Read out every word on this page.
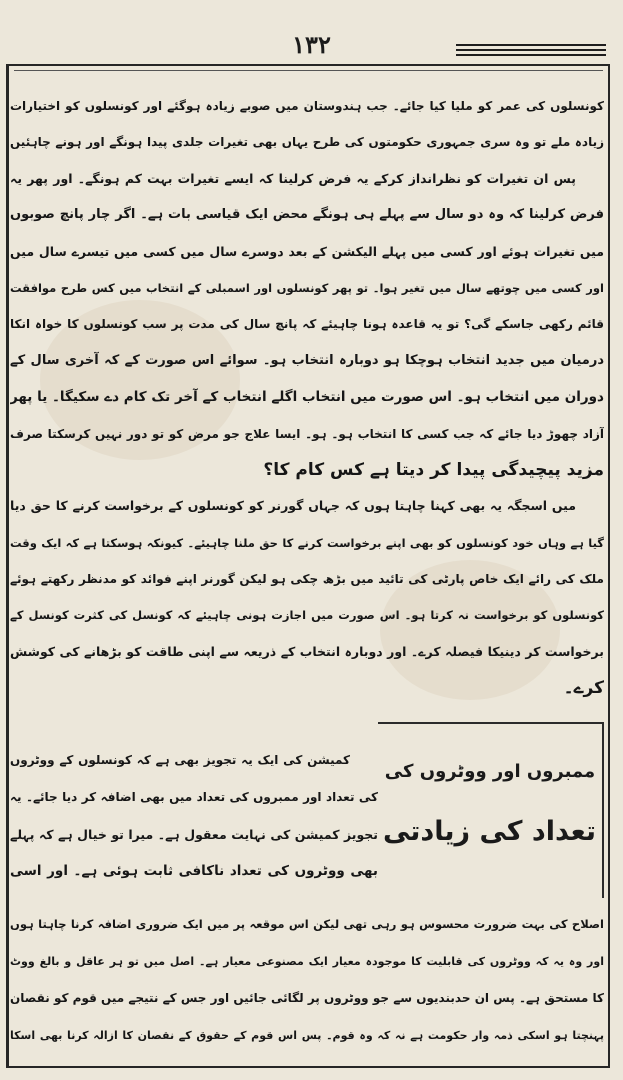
۱۳۲
کونسلوں کی عمر کو ملیا کیا جائے۔ جب ہندوستان میں صوبے زیادہ ہوگئے اور کونسلوں کو اختیارات
زیادہ ملے تو وہ سری جمہوری حکومتوں کی طرح یہاں بھی تغیرات جلدی پیدا ہونگے اور ہونے چاہئیں
پس ان تغیرات کو نظرانداز کرکے یہ فرض کرلینا کہ ایسے تغیرات بہت کم ہونگے۔ اور پھر یہ
فرض کرلینا کہ وہ دو سال سے پہلے ہی ہونگے محض ایک قیاسی بات ہے۔ اگر چار پانچ صوبوں
میں تغیرات ہوئے اور کسی میں پہلے الیکشن کے بعد دوسرے سال میں کسی میں تیسرے سال میں
اور کسی میں چوتھے سال میں تغیر ہوا۔ تو پھر کونسلوں اور اسمبلی کے انتخاب میں کس طرح موافقت
قائم رکھی جاسکے گی؟ تو یہ قاعدہ ہونا چاہیئے کہ پانچ سال کی مدت پر سب کونسلوں کا خواہ انکا
درمیان میں جدید انتخاب ہوچکا ہو دوبارہ انتخاب ہو۔ سوائے اس صورت کے کہ آخری سال کے
دوران میں انتخاب ہو۔ اس صورت میں انتخاب اگلے انتخاب کے آخر تک کام دے سکیگا۔ یا پھر
آزاد چھوڑ دیا جائے کہ جب کسی کا انتخاب ہو۔ ہو۔ ایسا علاج جو مرض کو تو دور نہیں کرسکتا صرف
مزید پیچیدگی پیدا کر دیتا ہے کس کام کا؟
میں اسجگہ یہ بھی کہنا چاہتا ہوں کہ جہاں گورنر کو کونسلوں کے برخواست کرنے کا حق دیا
گیا ہے وہاں خود کونسلوں کو بھی اپنے برخواست کرنے کا حق ملنا چاہیئے۔ کیونکہ ہوسکتا ہے کہ ایک وقت
ملک کی رائے ایک خاص پارٹی کی تائید میں بڑھ چکی ہو لیکن گورنر اپنے فوائد کو مدنظر رکھتے ہوئے
کونسلوں کو برخواست نہ کرتا ہو۔ اس صورت میں اجازت ہونی چاہیئے کہ کونسل کی کثرت کونسل کے
برخواست کر دینیکا فیصلہ کرے۔ اور دوبارہ انتخاب کے ذریعہ سے اپنی طاقت کو بڑھانے کی کوشش
کرے۔
ممبروں اور ووٹروں کی
تعداد کی زیادتی
کمیشن کی ایک یہ تجویز بھی ہے کہ کونسلوں کے ووٹروں
کی تعداد اور ممبروں کی تعداد میں بھی اضافہ کر دیا جائے۔ یہ
تجویز کمیشن کی نہایت معقول ہے۔ میرا تو خیال ہے کہ پہلے
بھی ووٹروں کی تعداد ناکافی ثابت ہوئی ہے۔ اور اسی
اصلاح کی بہت ضرورت محسوس ہو رہی تھی لیکن اس موقعہ پر میں ایک ضروری اضافہ کرنا چاہتا ہوں
اور وہ یہ کہ ووٹروں کی قابلیت کا موجودہ معیار ایک مصنوعی معیار ہے۔ اصل میں تو ہر عاقل و بالغ ووٹ
کا مستحق ہے۔ پس ان حدبندیوں سے جو ووٹروں پر لگائی جائیں اور جس کے نتیجے میں قوم کو نقصان
پہنچتا ہو اسکی ذمہ وار حکومت ہے نہ کہ وہ قوم۔ پس اس قوم کے حقوق کے نقصان کا ازالہ کرنا بھی اسکا
